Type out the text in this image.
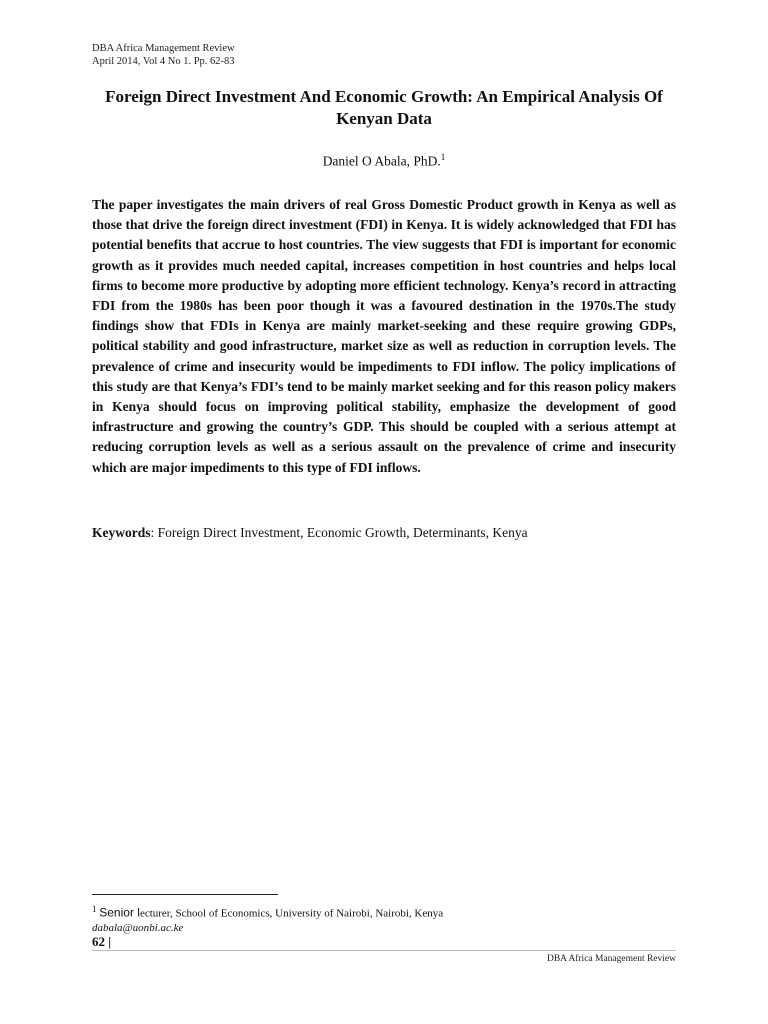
DBA Africa Management Review
April 2014, Vol 4 No 1. Pp. 62-83
Foreign Direct Investment And Economic Growth: An Empirical Analysis Of Kenyan Data
Daniel O Abala, PhD.$^1$
The paper investigates the main drivers of real Gross Domestic Product growth in Kenya as well as those that drive the foreign direct investment (FDI) in Kenya. It is widely acknowledged that FDI has potential benefits that accrue to host countries. The view suggests that FDI is important for economic growth as it provides much needed capital, increases competition in host countries and helps local firms to become more productive by adopting more efficient technology. Kenya’s record in attracting FDI from the 1980s has been poor though it was a favoured destination in the 1970s.The study findings show that FDIs in Kenya are mainly market-seeking and these require growing GDPs, political stability and good infrastructure, market size as well as reduction in corruption levels. The prevalence of crime and insecurity would be impediments to FDI inflow. The policy implications of this study are that Kenya’s FDI’s tend to be mainly market seeking and for this reason policy makers in Kenya should focus on improving political stability, emphasize the development of good infrastructure and growing the country’s GDP. This should be coupled with a serious attempt at reducing corruption levels as well as a serious assault on the prevalence of crime and insecurity which are major impediments to this type of FDI inflows.
Keywords: Foreign Direct Investment, Economic Growth, Determinants, Kenya
$^1$ Senior lecturer, School of Economics, University of Nairobi, Nairobi, Kenya
dabala@uonbi.ac.ke
62 |
DBA Africa Management Review
